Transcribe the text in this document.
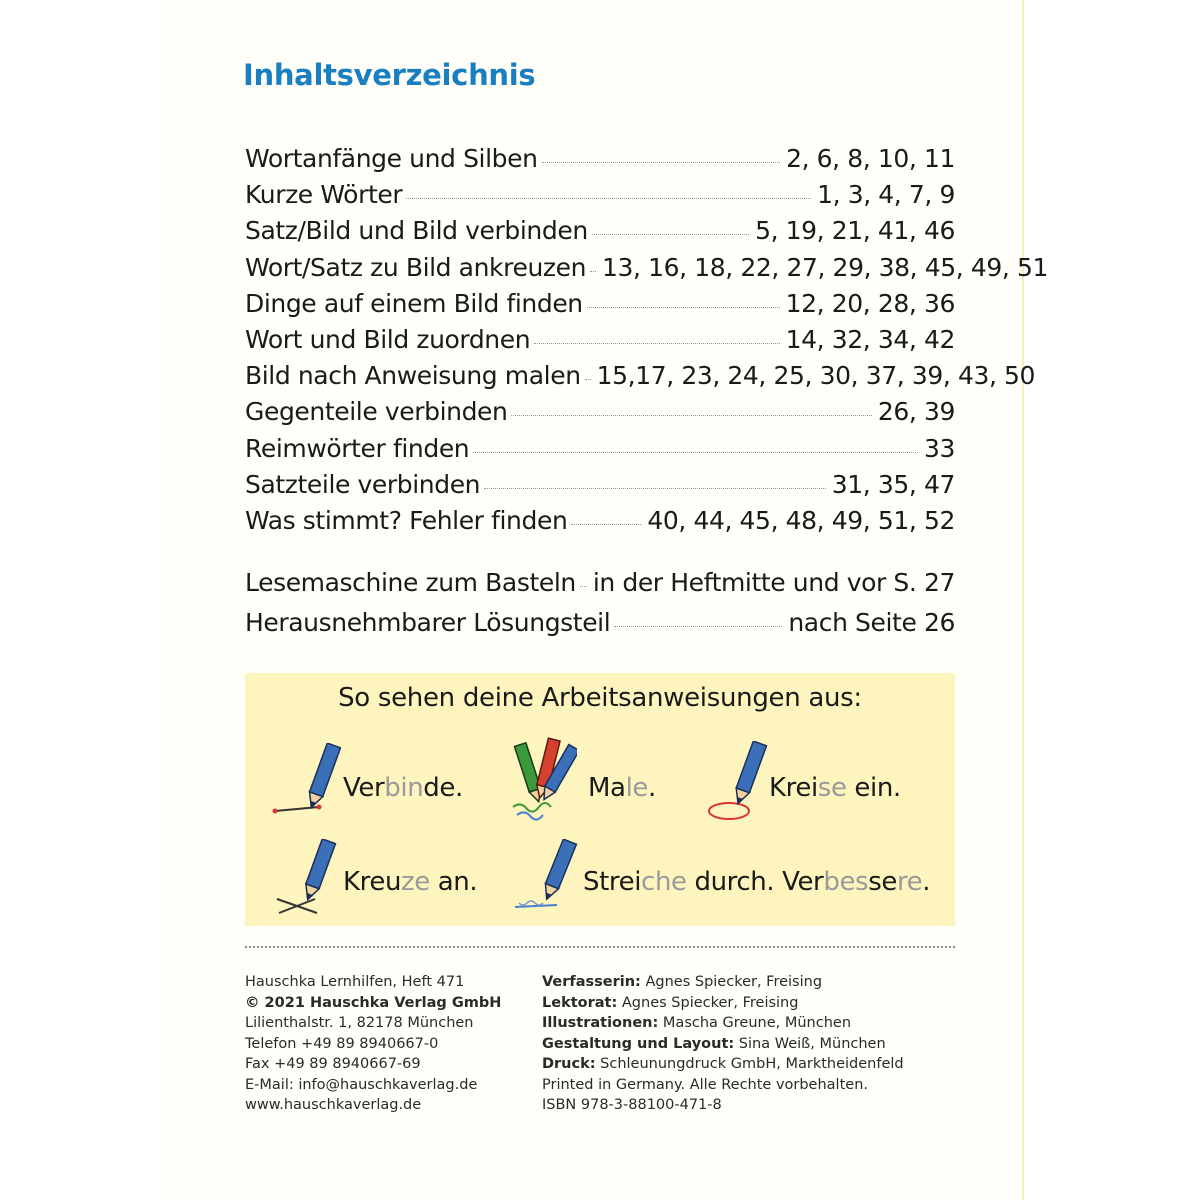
Inhaltsverzeichnis
Wortanfänge und Silben	2, 6, 8, 10, 11
Kurze Wörter	1, 3, 4, 7, 9
Satz/Bild und Bild verbinden	5, 19, 21, 41, 46
Wort/Satz zu Bild ankreuzen 13, 16, 18, 22, 27, 29, 38, 45, 49, 51
Dinge auf einem Bild finden	12, 20, 28, 36
Wort und Bild zuordnen	14, 32, 34, 42
Bild nach Anweisung malen 15,17, 23, 24, 25, 30, 37, 39, 43, 50
Gegenteile verbinden	26, 39
Reimwörter finden	33
Satzteile verbinden	31, 35, 47
Was stimmt? Fehler finden	40, 44, 45, 48, 49, 51, 52
Lesemaschine zum Basteln in der Heftmitte und vor S. 27
Herausnehmbarer Lösungsteil	nach Seite 26
So sehen deine Arbeitsanweisungen aus:
Verbinde.	Male.	Kreise ein.
Kreuze an.	Streiche durch. Verbessere.
Hauschka Lernhilfen, Heft 471
© 2021 Hauschka Verlag GmbH
Lilienthalstr. 1, 82178 München
Telefon +49 89 8940667-0
Fax +49 89 8940667-69
E-Mail: info@hauschkaverlag.de
www.hauschkaverlag.de
Verfasserin: Agnes Spiecker, Freising
Lektorat: Agnes Spiecker, Freising
Illustrationen: Mascha Greune, München
Gestaltung und Layout: Sina Weiß, München
Druck: Schleunungdruck GmbH, Marktheidenfeld
Printed in Germany. Alle Rechte vorbehalten.
ISBN 978-3-88100-471-8
